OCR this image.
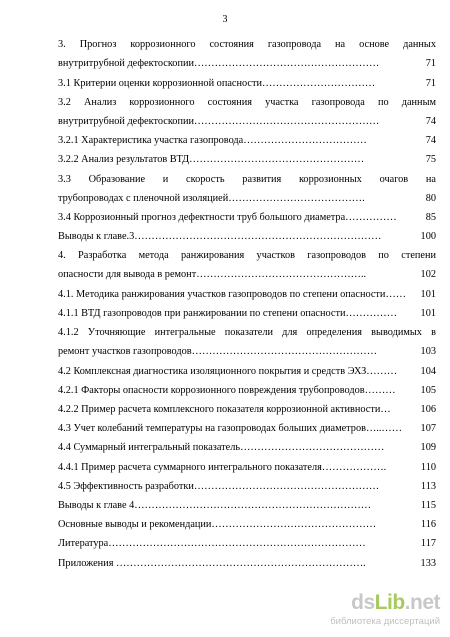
3
3. Прогноз коррозионного состояния газопровода на основе данных
внутритрубной дефектоскопии………………………………………………	71
3.1 Критерии оценки коррозионной опасности……………………………	71
3.2 Анализ коррозионного состояния участка газопровода по данным
внутритрубной дефектоскопии………………………………………………	74
3.2.1 Характеристика участка газопровода………………………………	74
3.2.2 Анализ результатов ВТД……………………………………………	75
3.3 Образование и скорость развития коррозионных очагов на
трубопроводах с пленочной изоляцией………………………………….	80
3.4 Коррозионный прогноз дефектности труб большого диаметра……………	85
Выводы к главе.3………………………………………………………………	100
4. Разработка метода ранжирования участков газопроводов по степени
опасности для вывода в ремонт…………………………………………..	102
4.1. Методика ранжирования участков газопроводов по степени опасности……	101
4.1.1 ВТД газопроводов при ранжировании по степени опасности……………	101
4.1.2 Уточняющие интегральные показатели для определения выводимых в
ремонт участков газопроводов………………………………………………	103
4.2 Комплексная диагностика изоляционного покрытия и средств ЭХЗ………	104
4.2.1 Факторы опасности коррозионного повреждения трубопроводов………	105
4.2.2 Пример расчета комплексного показателя коррозионной активности…	106
4.3 Учет колебаний температуры на газопроводах больших диаметров…..……	107
4.4 Суммарный интегральный показатель……………………………………	109
4.4.1 Пример расчета суммарного интегрального показателя……………….	110
4.5 Эффективность разработки………………………………………………	113
Выводы к главе 4……………………………………………………………	115
Основные выводы и рекомендации…………………………………………	116
Литература…………………………………………………………………	117
Приложения ……………………………………………………………….	133
dsLib.net
библиотека диссертаций
